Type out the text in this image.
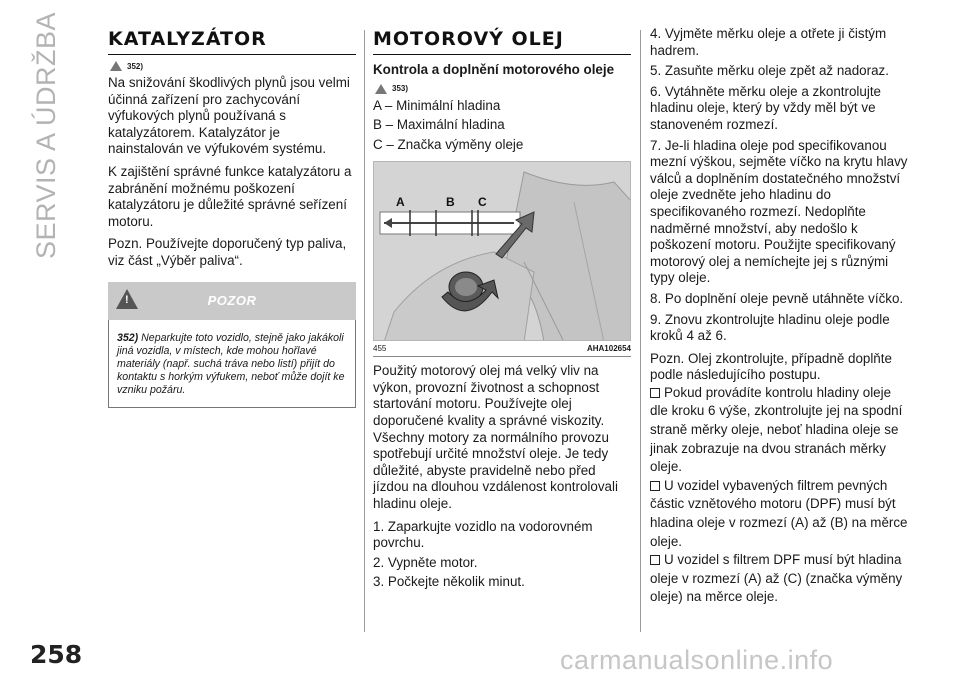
SERVIS A ÚDRŽBA KATALYZÁTOR
352)

Na snižování škodlivých plynů jsou velmi účinná zařízení pro zachycování výfukových plynů používaná s katalyzátorem. Katalyzátor je nainstalován ve výfukovém systému.

K zajištění správné funkce katalyzátoru a zabránění možnému poškození katalyzátoru je důležité správné seřízení motoru.

Pozn. Používejte doporučený typ paliva, viz část „Výběr paliva“.

!
POZOR
352) Neparkujte toto vozidlo, stejně jako jakákoli jiná vozidla, v místech, kde mohou hořlavé materiály (např. suchá tráva nebo listí) přijít do kontaktu s horkým výfukem, neboť může dojít ke vzniku požáru.
MOTOROVÝ OLEJ
Kontrola a doplnění motorového oleje
353)

A – Minimální hladina

B – Maximální hladina

C – Značka výměny oleje

A	B C
455	AHA102654

Použitý motorový olej má velký vliv na výkon, provozní životnost a schopnost startování motoru. Používejte olej doporučené kvality a správné viskozity. Všechny motory za normálního provozu spotřebují určité množství oleje. Je tedy důležité, abyste pravidelně nebo před jízdou na dlouhou vzdálenost kontrolovali hladinu oleje.

1. Zaparkujte vozidlo na vodorovném povrchu.

2. Vypněte motor.

3. Počkejte několik minut.

4. Vyjměte měrku oleje a otřete ji čistým hadrem.

5. Zasuňte měrku oleje zpět až nadoraz.

6. Vytáhněte měrku oleje a zkontrolujte hladinu oleje, který by vždy měl být ve stanoveném rozmezí.

7. Je-li hladina oleje pod specifikovanou mezní výškou, sejměte víčko na krytu hlavy válců a doplněním dostatečného množství oleje zvedněte jeho hladinu do specifikovaného rozmezí. Nedoplňte nadměrné množství, aby nedošlo k poškození motoru. Použijte specifikovaný motorový olej a nemíchejte jej s různými typy oleje.

8. Po doplnění oleje pevně utáhněte víčko.

9. Znovu zkontrolujte hladinu oleje podle kroků 4 až 6.

Pozn. Olej zkontrolujte, případně doplňte podle následujícího postupu.

Pokud provádíte kontrolu hladiny oleje dle kroku 6 výše, zkontrolujte jej na spodní straně měrky oleje, neboť hladina oleje se jinak zobrazuje na dvou stranách měrky oleje.

U vozidel vybavených filtrem pevných částic vznětového motoru (DPF) musí být hladina oleje v rozmezí (A) až (B) na měrce oleje.

U vozidel s filtrem DPF musí být hladina oleje v rozmezí (A) až (C) (značka výměny oleje) na měrce oleje.

258	carmanualsonline.info
